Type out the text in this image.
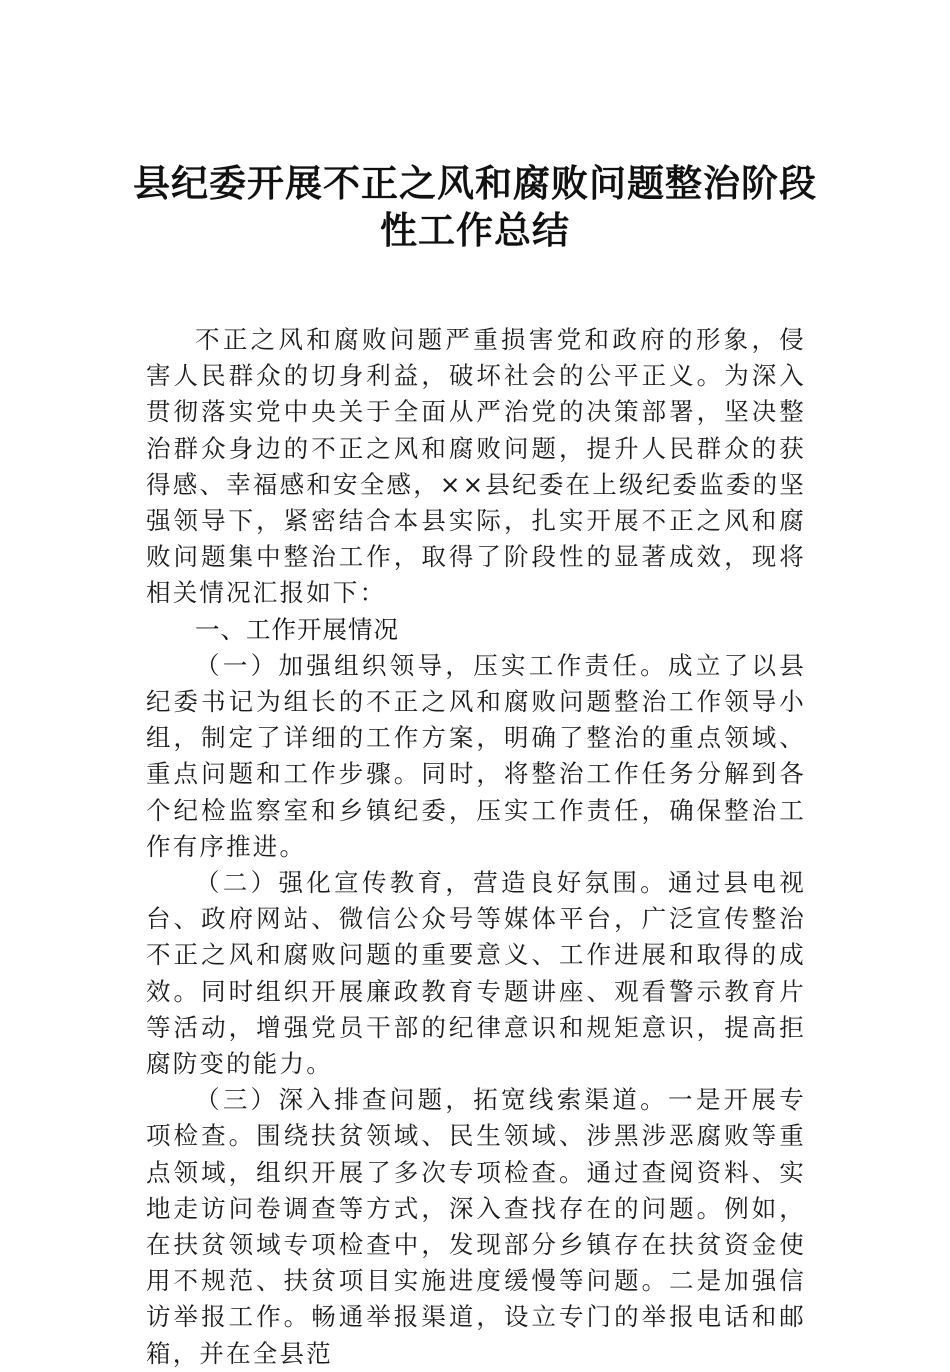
县纪委开展不正之风和腐败问题整治阶段
性工作总结

不正之风和腐败问题严重损害党和政府的形象，侵害人民群众的切身利益，破坏社会的公平正义。为深入贯彻落实党中央关于全面从严治党的决策部署，坚决整治群众身边的不正之风和腐败问题，提升人民群众的获得感、幸福感和安全感，××县纪委在上级纪委监委的坚强领导下，紧密结合本县实际，扎实开展不正之风和腐败问题集中整治工作，取得了阶段性的显著成效，现将相关情况汇报如下：

一、工作开展情况

（一）加强组织领导，压实工作责任。成立了以县纪委书记为组长的不正之风和腐败问题整治工作领导小组，制定了详细的工作方案，明确了整治的重点领域、重点问题和工作步骤。同时，将整治工作任务分解到各个纪检监察室和乡镇纪委，压实工作责任，确保整治工作有序推进。

（二）强化宣传教育，营造良好氛围。通过县电视台、政府网站、微信公众号等媒体平台，广泛宣传整治不正之风和腐败问题的重要意义、工作进展和取得的成效。同时组织开展廉政教育专题讲座、观看警示教育片等活动，增强党员干部的纪律意识和规矩意识，提高拒腐防变的能力。

（三）深入排查问题，拓宽线索渠道。一是开展专项检查。围绕扶贫领域、民生领域、涉黑涉恶腐败等重点领域，组织开展了多次专项检查。通过查阅资料、实地走访问卷调查等方式，深入查找存在的问题。例如，在扶贫领域专项检查中，发现部分乡镇存在扶贫资金使用不规范、扶贫项目实施进度缓慢等问题。二是加强信访举报工作。畅通举报渠道，设立专门的举报电话和邮箱，并在全县范
